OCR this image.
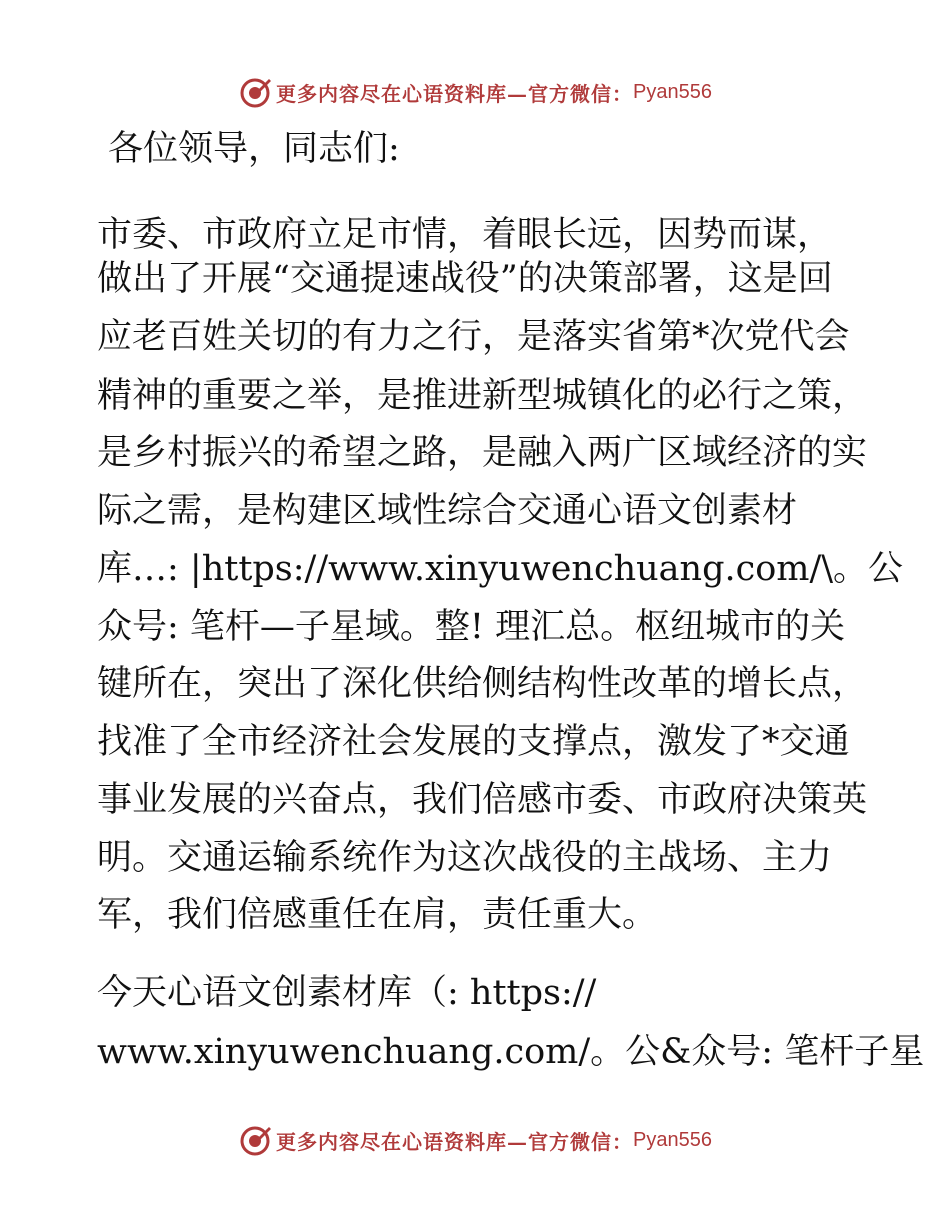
更多内容尽在心语资料库—官方微信： Pyan556
各位领导，同志们:
市委、市政府立足市情，着眼长远，因势而谋，
做出了开展“交通提速战役”的决策部署，这是回
应老百姓关切的有力之行，是落实省第*次党代会
精神的重要之举，是推进新型城镇化的必行之策，
是乡村振兴的希望之路，是融入两广区域经济的实
际之需，是构建区域性综合交通心语文创素材
库…: |https://www.xinyuwenchuang.com/\。公
众号: 笔杆—子星域。整! 理汇总。枢纽城市的关
键所在，突出了深化供给侧结构性改革的增长点，
找准了全市经济社会发展的支撑点，激发了*交通
事业发展的兴奋点，我们倍感市委、市政府决策英
明。交通运输系统作为这次战役的主战场、主力
军，我们倍感重任在肩，责任重大。
今天心语文创素材库（: https://
www.xinyuwenchuang.com/。公&众号: 笔杆子星
更多内容尽在心语资料库—官方微信： Pyan556
